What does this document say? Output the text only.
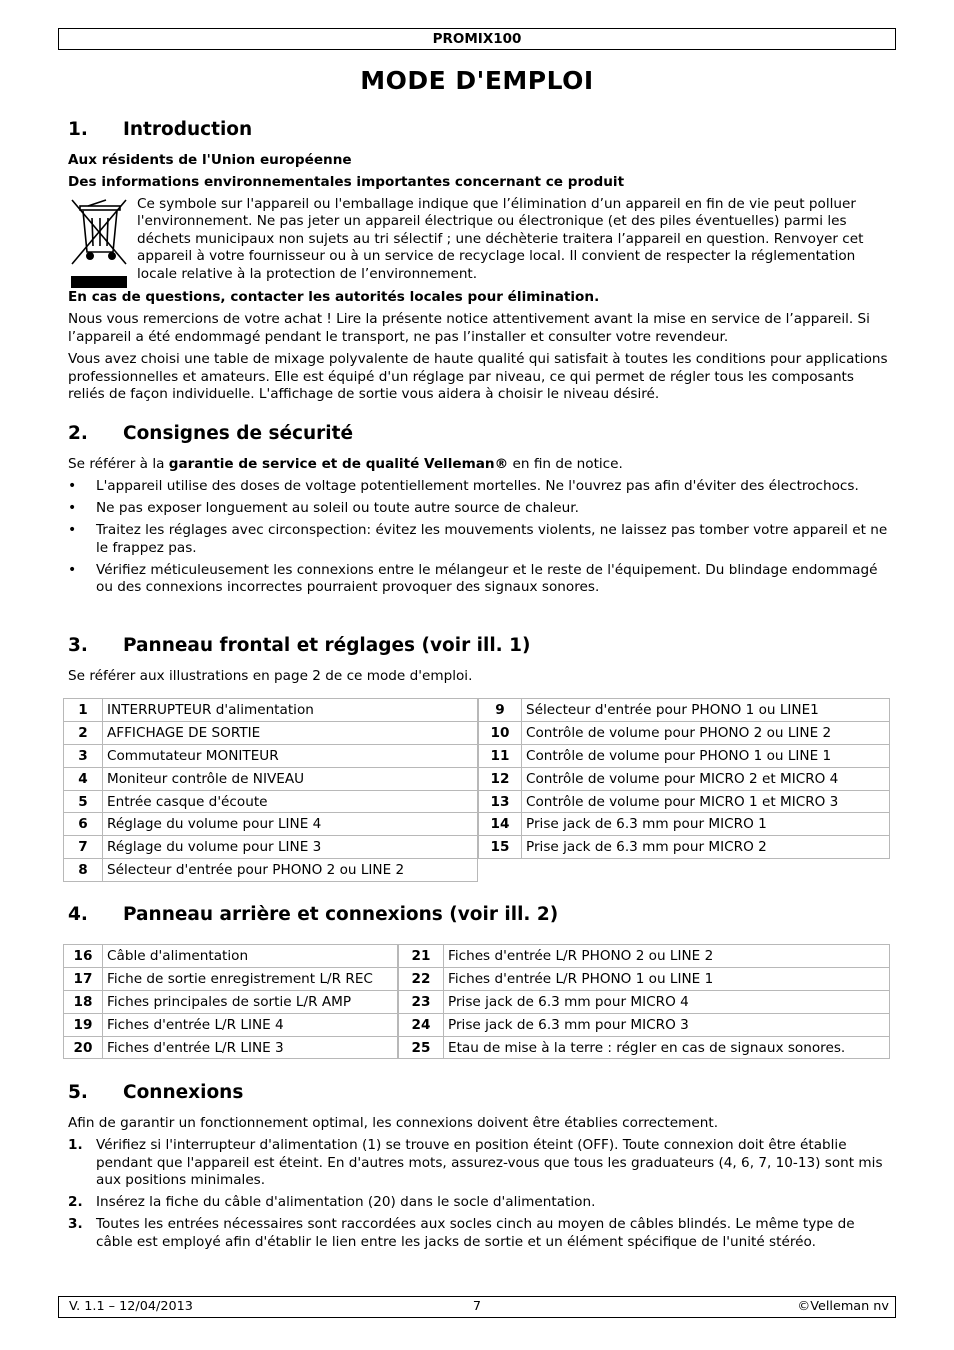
PROMIX100
MODE D'EMPLOI
1. Introduction
Aux résidents de l'Union européenne
Des informations environnementales importantes concernant ce produit
Ce symbole sur l'appareil ou l'emballage indique que l’élimination d’un appareil en fin de vie peut polluer l'environnement. Ne pas jeter un appareil électrique ou électronique (et des piles éventuelles) parmi les déchets municipaux non sujets au tri sélectif ; une déchèterie traitera l’appareil en question. Renvoyer cet appareil à votre fournisseur ou à un service de recyclage local. Il convient de respecter la réglementation locale relative à la protection de l’environnement.
En cas de questions, contacter les autorités locales pour élimination.
Nous vous remercions de votre achat ! Lire la présente notice attentivement avant la mise en service de l’appareil. Si l’appareil a été endommagé pendant le transport, ne pas l’installer et consulter votre revendeur.
Vous avez choisi une table de mixage polyvalente de haute qualité qui satisfait à toutes les conditions pour applications professionnelles et amateurs. Elle est équipé d'un réglage par niveau, ce qui permet de régler tous les composants reliés de façon individuelle. L'affichage de sortie vous aidera à choisir le niveau désiré.
2. Consignes de sécurité
Se référer à la garantie de service et de qualité Velleman® en fin de notice.
• L'appareil utilise des doses de voltage potentiellement mortelles. Ne l'ouvrez pas afin d'éviter des électrochocs.
• Ne pas exposer longuement au soleil ou toute autre source de chaleur.
• Traitez les réglages avec circonspection: évitez les mouvements violents, ne laissez pas tomber votre appareil et ne le frappez pas.
• Vérifiez méticuleusement les connexions entre le mélangeur et le reste de l'équipement. Du blindage endommagé ou des connexions incorrectes pourraient provoquer des signaux sonores.
3. Panneau frontal et réglages (voir ill. 1)
Se référer aux illustrations en page 2 de ce mode d'emploi.
1	INTERRUPTEUR d'alimentation
2	AFFICHAGE DE SORTIE
3	Commutateur MONITEUR
4	Moniteur contrôle de NIVEAU
5	Entrée casque d'écoute
6	Réglage du volume pour LINE 4
7	Réglage du volume pour LINE 3
8	Sélecteur d'entrée pour PHONO 2 ou LINE 2
9	Sélecteur d'entrée pour PHONO 1 ou LINE1
10	Contrôle de volume pour PHONO 2 ou LINE 2
11	Contrôle de volume pour PHONO 1 ou LINE 1
12	Contrôle de volume pour MICRO 2 et MICRO 4
13	Contrôle de volume pour MICRO 1 et MICRO 3
14	Prise jack de 6.3 mm pour MICRO 1
15	Prise jack de 6.3 mm pour MICRO 2
4. Panneau arrière et connexions (voir ill. 2)
16	Câble d'alimentation
17	Fiche de sortie enregistrement L/R REC
18	Fiches principales de sortie L/R AMP
19	Fiches d'entrée L/R LINE 4
20	Fiches d'entrée L/R LINE 3
21	Fiches d'entrée L/R PHONO 2 ou LINE 2
22	Fiches d'entrée L/R PHONO 1 ou LINE 1
23	Prise jack de 6.3 mm pour MICRO 4
24	Prise jack de 6.3 mm pour MICRO 3
25	Etau de mise à la terre : régler en cas de signaux sonores.
5. Connexions
Afin de garantir un fonctionnement optimal, les connexions doivent être établies correctement.
1. Vérifiez si l'interrupteur d'alimentation (1) se trouve en position éteint (OFF). Toute connexion doit être établie pendant que l'appareil est éteint. En d'autres mots, assurez-vous que tous les graduateurs (4, 6, 7, 10-13) sont mis aux positions minimales.
2. Insérez la fiche du câble d'alimentation (20) dans le socle d'alimentation.
3. Toutes les entrées nécessaires sont raccordées aux socles cinch au moyen de câbles blindés. Le même type de câble est employé afin d'établir le lien entre les jacks de sortie et un élément spécifique de l'unité stéréo.
7
V. 1.1 – 12/04/2013	©Velleman nv
